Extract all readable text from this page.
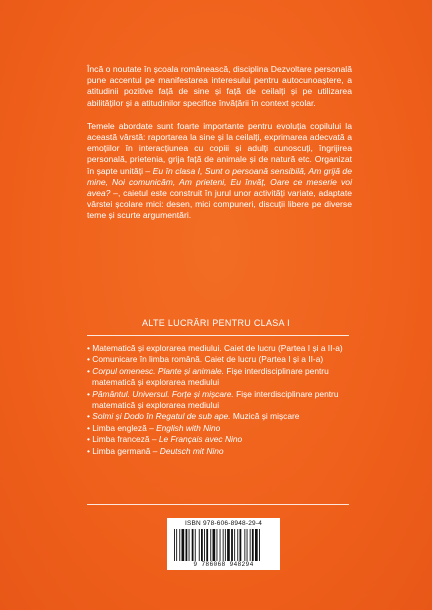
Încă o noutate în școala românească, disciplina Dezvoltare personală pune accentul pe manifestarea interesului pentru autocunoaștere, a atitudinii pozitive față de sine și față de ceilalți și pe utilizarea abilităților și a atitudinilor specifice învățării în context școlar.

Temele abordate sunt foarte importante pentru evoluția copilului la această vârstă: raportarea la sine și la ceilalți, exprimarea adecvată a emoțiilor în interacțiunea cu copiii și adulți cunoscuți, îngrijirea personală, prietenia, grija față de animale și de natură etc. Organizat în șapte unități – Eu în clasa I, Sunt o persoană sensibilă, Am grijă de mine, Noi comunicăm, Am prieteni, Eu învăț, Oare ce meserie voi avea? –, caietul este construit în jurul unor activități variate, adaptate vârstei școlare mici: desen, mici compuneri, discuții libere pe diverse teme și scurte argumentări.

ALTE LUCRĂRI PENTRU CLASA I
• Matematică și explorarea mediului. Caiet de lucru (Partea I și a II-a)
• Comunicare în limba română. Caiet de lucru (Partea I și a II-a)
• Corpul omenesc. Plante și animale. Fișe interdisciplinare pentru matematică și explorarea mediului
• Pământul. Universul. Forțe și mișcare. Fișe interdisciplinare pentru matematică și explorarea mediului
• Solmi și Dodo în Regatul de sub ape. Muzică și mișcare
• Limba engleză – English with Nino
• Limba franceză – Le Français avec Nino
• Limba germană – Deutsch mit Nino
ISBN 978-606-8948-29-4
9 786068 948294
